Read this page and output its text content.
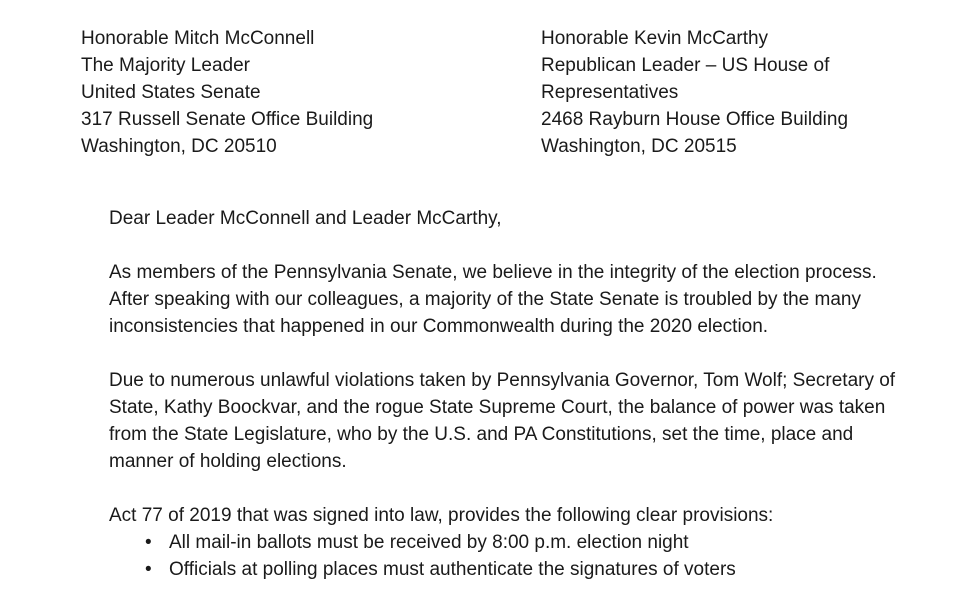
Honorable Mitch McConnell
The Majority Leader
United States Senate
317 Russell Senate Office Building
Washington, DC 20510
Honorable Kevin McCarthy
Republican Leader – US House of Representatives
2468 Rayburn House Office Building
Washington, DC 20515

Dear Leader McConnell and Leader McCarthy,

As members of the Pennsylvania Senate, we believe in the integrity of the election process. After speaking with our colleagues, a majority of the State Senate is troubled by the many inconsistencies that happened in our Commonwealth during the 2020 election.

Due to numerous unlawful violations taken by Pennsylvania Governor, Tom Wolf; Secretary of State, Kathy Boockvar, and the rogue State Supreme Court, the balance of power was taken from the State Legislature, who by the U.S. and PA Constitutions, set the time, place and manner of holding elections.

Act 77 of 2019 that was signed into law, provides the following clear provisions:

• All mail-in ballots must be received by 8:00 p.m. election night
• Officials at polling places must authenticate the signatures of voters
